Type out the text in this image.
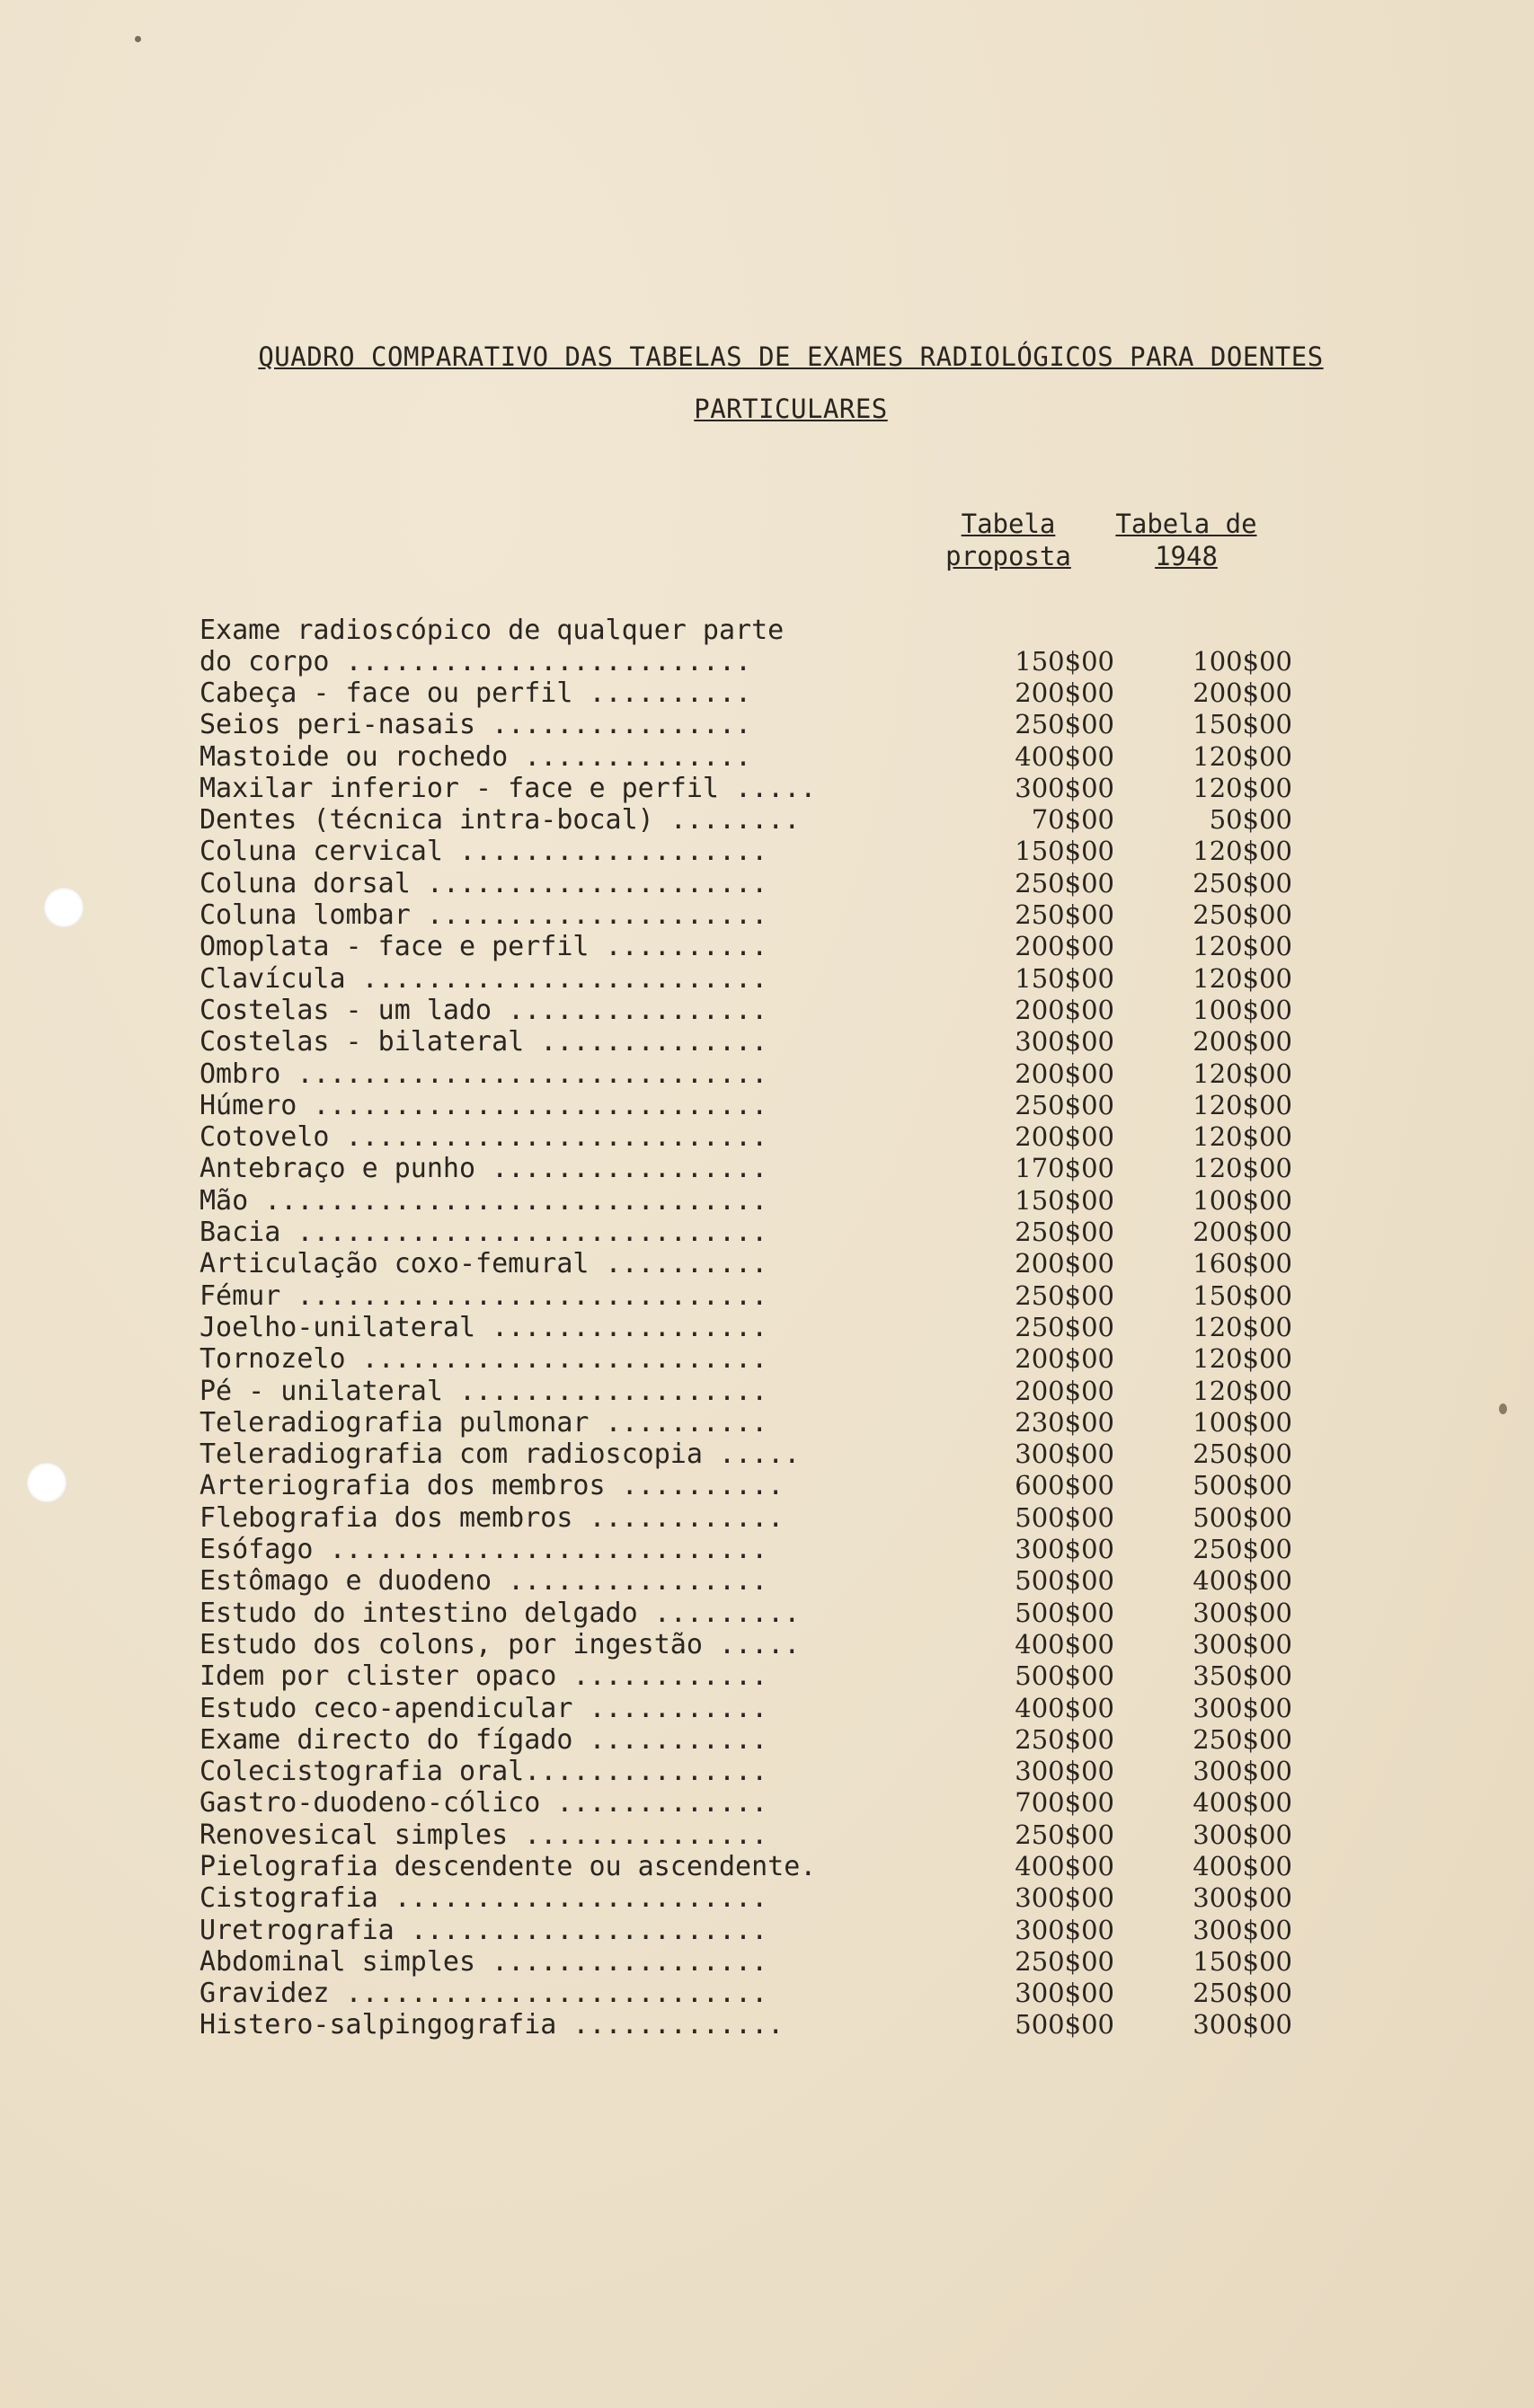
QUADRO COMPARATIVO DAS TABELAS DE EXAMES RADIOLÓGICOS PARA DOENTES
PARTICULARES
Tabela
proposta
Tabela de
1948
Exame radioscópico de qualquer parte
do corpo .........................	150$00	100$00
Cabeça - face ou perfil ..........	200$00	200$00
Seios peri-nasais ................	250$00	150$00
Mastoide ou rochedo ..............	400$00	120$00
Maxilar inferior - face e perfil .....	300$00	120$00
Dentes (técnica intra-bocal) ........	70$00	50$00
Coluna cervical ...................	150$00	120$00
Coluna dorsal .....................	250$00	250$00
Coluna lombar .....................	250$00	250$00
Omoplata - face e perfil ..........	200$00	120$00
Clavícula .........................	150$00	120$00
Costelas - um lado ................	200$00	100$00
Costelas - bilateral ..............	300$00	200$00
Ombro .............................	200$00	120$00
Húmero ............................	250$00	120$00
Cotovelo ..........................	200$00	120$00
Antebraço e punho .................	170$00	120$00
Mão ...............................	150$00	100$00
Bacia .............................	250$00	200$00
Articulação coxo-femural ..........	200$00	160$00
Fémur .............................	250$00	150$00
Joelho-unilateral .................	250$00	120$00
Tornozelo .........................	200$00	120$00
Pé - unilateral ...................	200$00	120$00
Teleradiografia pulmonar ..........	230$00	100$00
Teleradiografia com radioscopia .....	300$00	250$00
Arteriografia dos membros ..........	600$00	500$00
Flebografia dos membros ............	500$00	500$00
Esófago ...........................	300$00	250$00
Estômago e duodeno ................	500$00	400$00
Estudo do intestino delgado .........	500$00	300$00
Estudo dos colons, por ingestão .....	400$00	300$00
Idem por clister opaco ............	500$00	350$00
Estudo ceco-apendicular ...........	400$00	300$00
Exame directo do fígado ...........	250$00	250$00
Colecistografia oral...............	300$00	300$00
Gastro-duodeno-cólico .............	700$00	400$00
Renovesical simples ...............	250$00	300$00
Pielografia descendente ou ascendente.	400$00	400$00
Cistografia .......................	300$00	300$00
Uretrografia ......................	300$00	300$00
Abdominal simples .................	250$00	150$00
Gravidez ..........................	300$00	250$00
Histero-salpingografia .............	500$00	300$00
